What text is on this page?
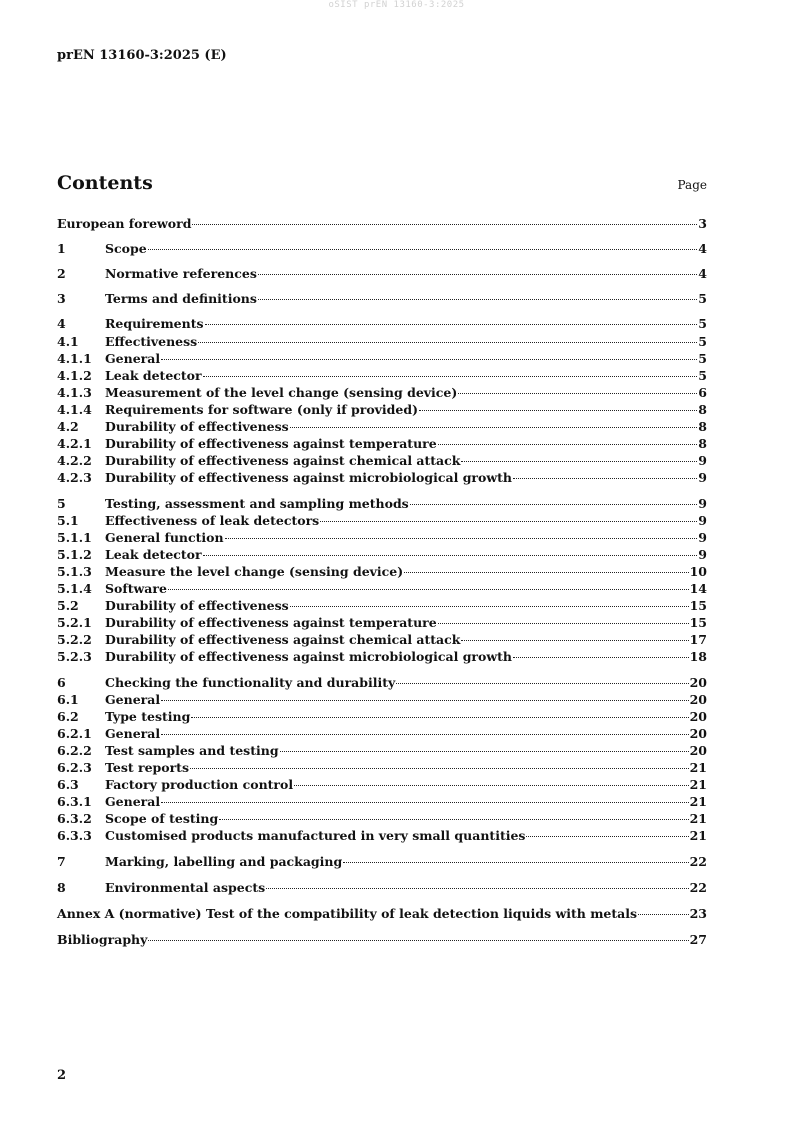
oSIST prEN 13160-3:2025
prEN 13160-3:2025 (E)
Contents	Page
European foreword	3
1	Scope	4
2	Normative references	4
3	Terms and definitions	5
4	Requirements	5
4.1	Effectiveness	5
4.1.1	General	5
4.1.2	Leak detector	5
4.1.3	Measurement of the level change (sensing device)	6
4.1.4	Requirements for software (only if provided)	8
4.2	Durability of effectiveness	8
4.2.1	Durability of effectiveness against temperature	8
4.2.2	Durability of effectiveness against chemical attack	9
4.2.3	Durability of effectiveness against microbiological growth	9
5	Testing, assessment and sampling methods	9
5.1	Effectiveness of leak detectors	9
5.1.1	General function	9
5.1.2	Leak detector	9
5.1.3	Measure the level change (sensing device)	10
5.1.4	Software	14
5.2	Durability of effectiveness	15
5.2.1	Durability of effectiveness against temperature	15
5.2.2	Durability of effectiveness against chemical attack	17
5.2.3	Durability of effectiveness against microbiological growth	18
6	Checking the functionality and durability	20
6.1	General	20
6.2	Type testing	20
6.2.1	General	20
6.2.2	Test samples and testing	20
6.2.3	Test reports	21
6.3	Factory production control	21
6.3.1	General	21
6.3.2	Scope of testing	21
6.3.3	Customised products manufactured in very small quantities	21
7	Marking, labelling and packaging	22
8	Environmental aspects	22
Annex A (normative) Test of the compatibility of leak detection liquids with metals	23
Bibliography	27
2
